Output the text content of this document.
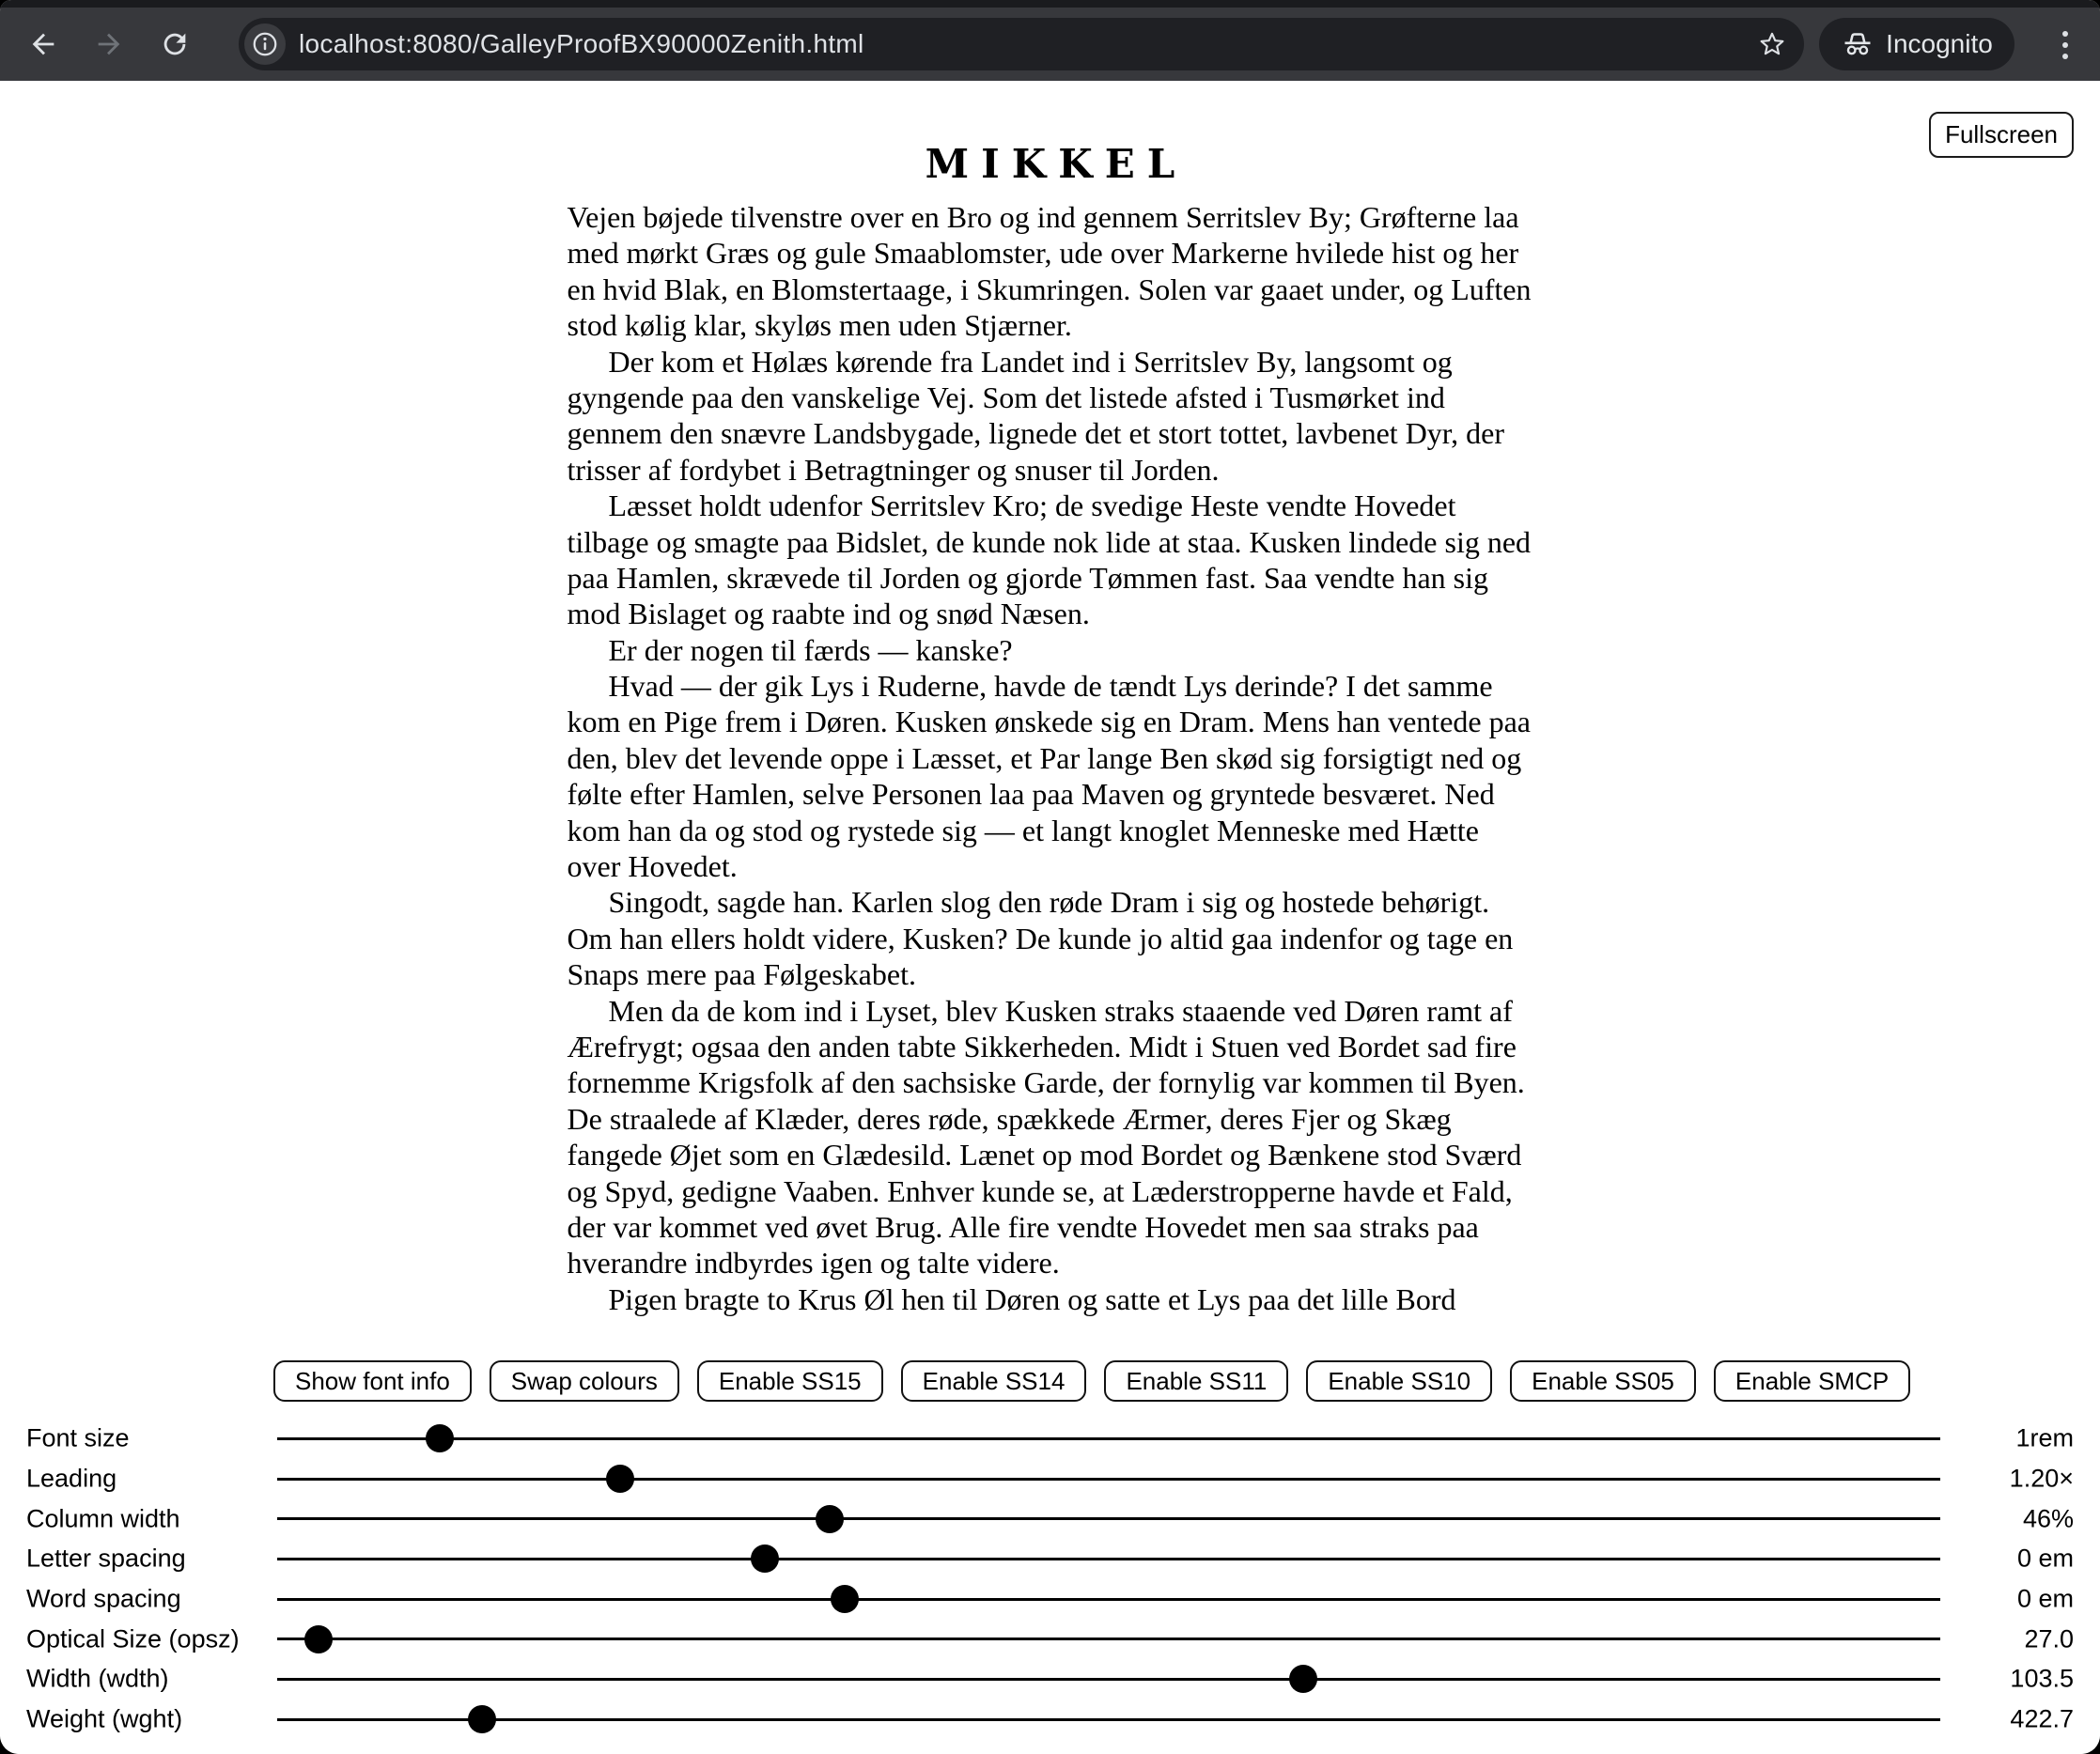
localhost:8080/GalleyProofBX90000Zenith.html	Incognito
Fullscreen
MIKKEL

Vejen bøjede tilvenstre over en Bro og ind gennem Serritslev By; Grøfterne laa med mørkt Græs og gule Smaablomster, ude over Markerne hvilede hist og her en hvid Blak, en Blomstertaage, i Skumringen. Solen var gaaet under, og Luften stod kølig klar, skyløs men uden Stjærner.

Der kom et Hølæs kørende fra Landet ind i Serritslev By, langsomt og gyngende paa den vanskelige Vej. Som det listede afsted i Tusmørket ind gennem den snævre Landsbygade, lignede det et stort tottet, lavbenet Dyr, der trisser af fordybet i Betragtninger og snuser til Jorden.

Læsset holdt udenfor Serritslev Kro; de svedige Heste vendte Hovedet tilbage og smagte paa Bidslet, de kunde nok lide at staa. Kusken lindede sig ned paa Hamlen, skrævede til Jorden og gjorde Tømmen fast. Saa vendte han sig mod Bislaget og raabte ind og snød Næsen.

Er der nogen til færds — kanske?

Hvad — der gik Lys i Ruderne, havde de tændt Lys derinde? I det samme kom en Pige frem i Døren. Kusken ønskede sig en Dram. Mens han ventede paa den, blev det levende oppe i Læsset, et Par lange Ben skød sig forsigtigt ned og følte efter Hamlen, selve Personen laa paa Maven og gryntede besværet. Ned kom han da og stod og rystede sig — et langt knoglet Menneske med Hætte over Hovedet.

Singodt, sagde han. Karlen slog den røde Dram i sig og hostede behørigt. Om han ellers holdt videre, Kusken? De kunde jo altid gaa indenfor og tage en Snaps mere paa Følgeskabet.

Men da de kom ind i Lyset, blev Kusken straks staaende ved Døren ramt af Ærefrygt; ogsaa den anden tabte Sikkerheden. Midt i Stuen ved Bordet sad fire fornemme Krigsfolk af den sachsiske Garde, der fornylig var kommen til Byen. De straalede af Klæder, deres røde, spækkede Ærmer, deres Fjer og Skæg fangede Øjet som en Glædesild. Lænet op mod Bordet og Bænkene stod Sværd og Spyd, gedigne Vaaben. Enhver kunde se, at Læderstropperne havde et Fald, der var kommet ved øvet Brug. Alle fire vendte Hovedet men saa straks paa hverandre indbyrdes igen og talte videre.

Pigen bragte to Krus Øl hen til Døren og satte et Lys paa det lille Bord

Show font info	Swap colours	Enable SS15	Enable SS14	Enable SS11	Enable SS10	Enable SS05	Enable SMCP
Font size	1rem
Leading	1.20×
Column width	46%
Letter spacing	0 em
Word spacing	0 em
Optical Size (opsz)	27.0
Width (wdth)	103.5
Weight (wght)	422.7
